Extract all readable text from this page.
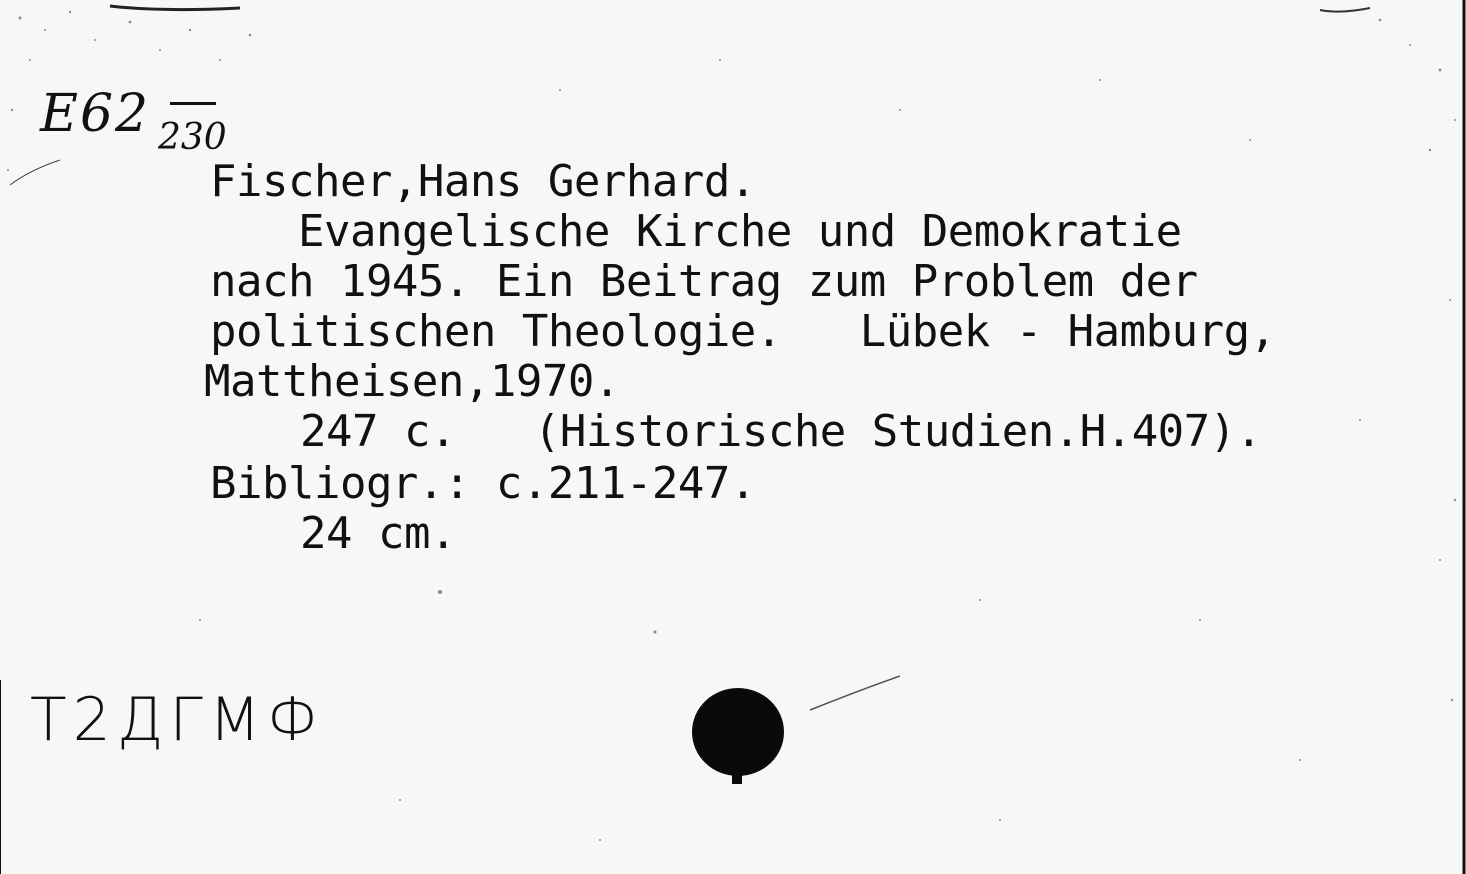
E62 230
Fischer,Hans Gerhard.
Evangelische Kirche und Demokratie
nach 1945. Ein Beitrag zum Problem der
politischen Theologie.   Lübek - Hamburg,
Mattheisen,1970.
247 c.   (Historische Studien.H.407).
Bibliogr.: c.211-247.
24 cm.
Т2ДГМФ
